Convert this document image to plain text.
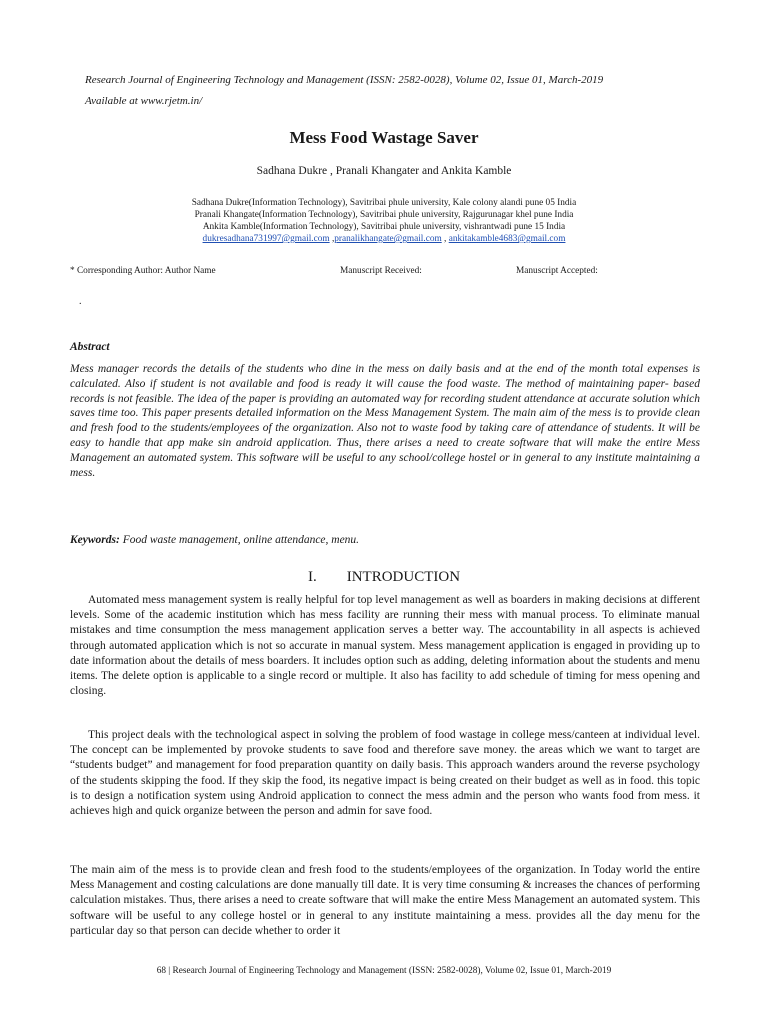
Research Journal of Engineering Technology and Management (ISSN: 2582-0028), Volume 02, Issue 01, March-2019
Available at www.rjetm.in/
Mess Food Wastage Saver
Sadhana Dukre , Pranali Khangater and Ankita Kamble
Sadhana Dukre(Information Technology), Savitribai phule university, Kale colony alandi pune 05 India
Pranali Khangate(Information Technology), Savitribai phule university, Rajgurunagar khel pune India
Ankita Kamble(Information Technology), Savitribai phule university, vishrantwadi pune 15 India
dukresadhana731997@gmail.com ,pranalikhangate@gmail.com , ankitakamble4683@gmail.com
* Corresponding Author: Author Name	Manuscript Received:	Manuscript Accepted:
.
Abstract

Mess manager records the details of the students who dine in the mess on daily basis and at the end of the month total expenses is calculated. Also if student is not available and food is ready it will cause the food waste. The method of maintaining paper- based records is not feasible. The idea of the paper is providing an automated way for recording student attendance at accurate solution which saves time too. This paper presents detailed information on the Mess Management System. The main aim of the mess is to provide clean and fresh food to the students/employees of the organization. Also not to waste food by taking care of attendance of students. It will be easy to handle that app make sin android application. Thus, there arises a need to create software that will make the entire Mess Management an automated system. This software will be useful to any school/college hostel or in general to any institute maintaining a mess.

Keywords: Food waste management, online attendance, menu.
I. INTRODUCTION

Automated mess management system is really helpful for top level management as well as boarders in making decisions at different levels. Some of the academic institution which has mess facility are running their mess with manual process. To eliminate manual mistakes and time consumption the mess management application serves a better way. The accountability in all aspects is achieved through automated application which is not so accurate in manual system. Mess management application is engaged in providing up to date information about the details of mess boarders. It includes option such as adding, deleting information about the students and menu items. The delete option is applicable to a single record or multiple. It also has facility to add schedule of timing for mess opening and closing.

This project deals with the technological aspect in solving the problem of food wastage in college mess/canteen at individual level. The concept can be implemented by provoke students to save food and therefore save money. the areas which we want to target are “students budget” and management for food preparation quantity on daily basis. This approach wanders around the reverse psychology of the students skipping the food. If they skip the food, its negative impact is being created on their budget as well as in food. this topic is to design a notification system using Android application to connect the mess admin and the person who wants food from mess. it achieves high and quick organize between the person and admin for save food.

The main aim of the mess is to provide clean and fresh food to the students/employees of the organization. In Today world the entire Mess Management and costing calculations are done manually till date. It is very time consuming & increases the chances of performing calculation mistakes. Thus, there arises a need to create software that will make the entire Mess Management an automated system. This software will be useful to any college hostel or in general to any institute maintaining a mess. provides all the day menu for the particular day so that person can decide whether to order it

68 | Research Journal of Engineering Technology and Management (ISSN: 2582-0028), Volume 02, Issue 01, March-2019
